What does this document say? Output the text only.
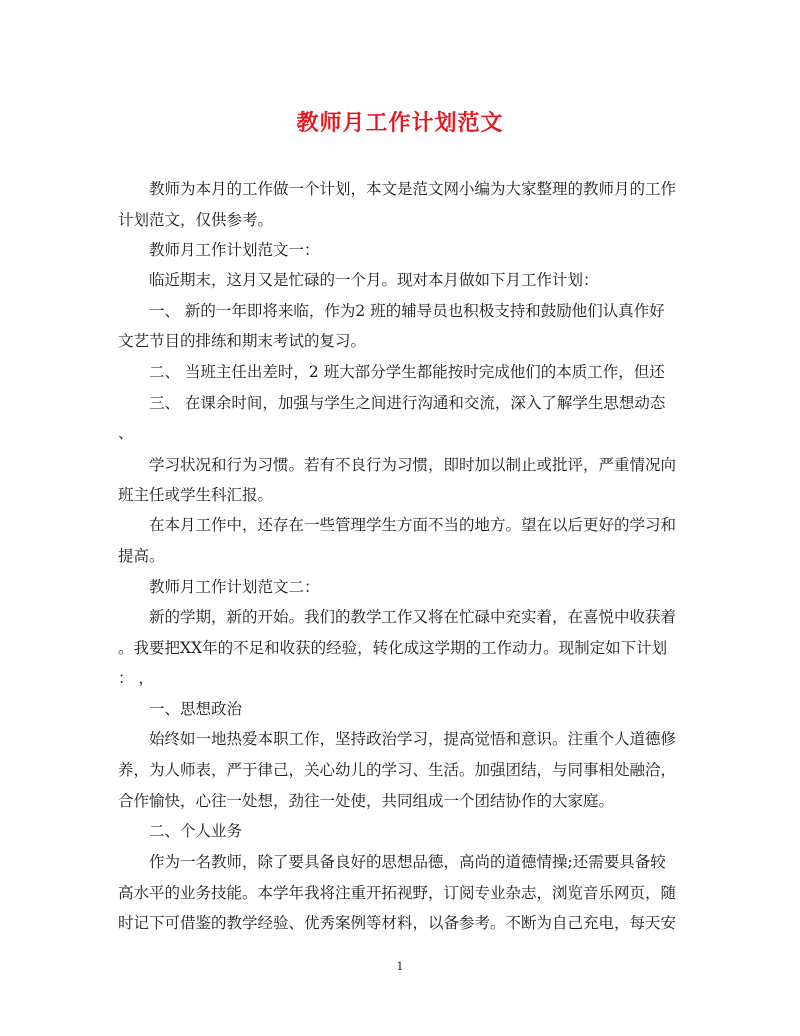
教师月工作计划范文
教师为本月的工作做一个计划，本文是范文网小编为大家整理的教师月的工作
计划范文，仅供参考。
教师月工作计划范文一：
临近期末，这月又是忙碌的一个月。现对本月做如下月工作计划：
一、 新的一年即将来临，作为2 班的辅导员也积极支持和鼓励他们认真作好
文艺节目的排练和期末考试的复习。
二、 当班主任出差时，2 班大部分学生都能按时完成他们的本质工作，但还
三、 在课余时间，加强与学生之间进行沟通和交流，深入了解学生思想动态
、
学习状况和行为习惯。若有不良行为习惯，即时加以制止或批评，严重情况向
班主任或学生科汇报。
在本月工作中，还存在一些管理学生方面不当的地方。望在以后更好的学习和
提高。
教师月工作计划范文二：
新的学期，新的开始。我们的教学工作又将在忙碌中充实着，在喜悦中收获着
。我要把XX年的不足和收获的经验，转化成这学期的工作动力。现制定如下计划
： ，
一、思想政治
始终如一地热爱本职工作，坚持政治学习，提高觉悟和意识。注重个人道德修
养，为人师表，严于律己，关心幼儿的学习、生活。加强团结，与同事相处融洽，
合作愉快，心往一处想，劲往一处使，共同组成一个团结协作的大家庭。
二、个人业务
作为一名教师，除了要具备良好的思想品德，高尚的道德情操;还需要具备较
高水平的业务技能。本学年我将注重开拓视野，订阅专业杂志，浏览音乐网页，随
时记下可借鉴的教学经验、优秀案例等材料，以备参考。不断为自己充电，每天安
1
